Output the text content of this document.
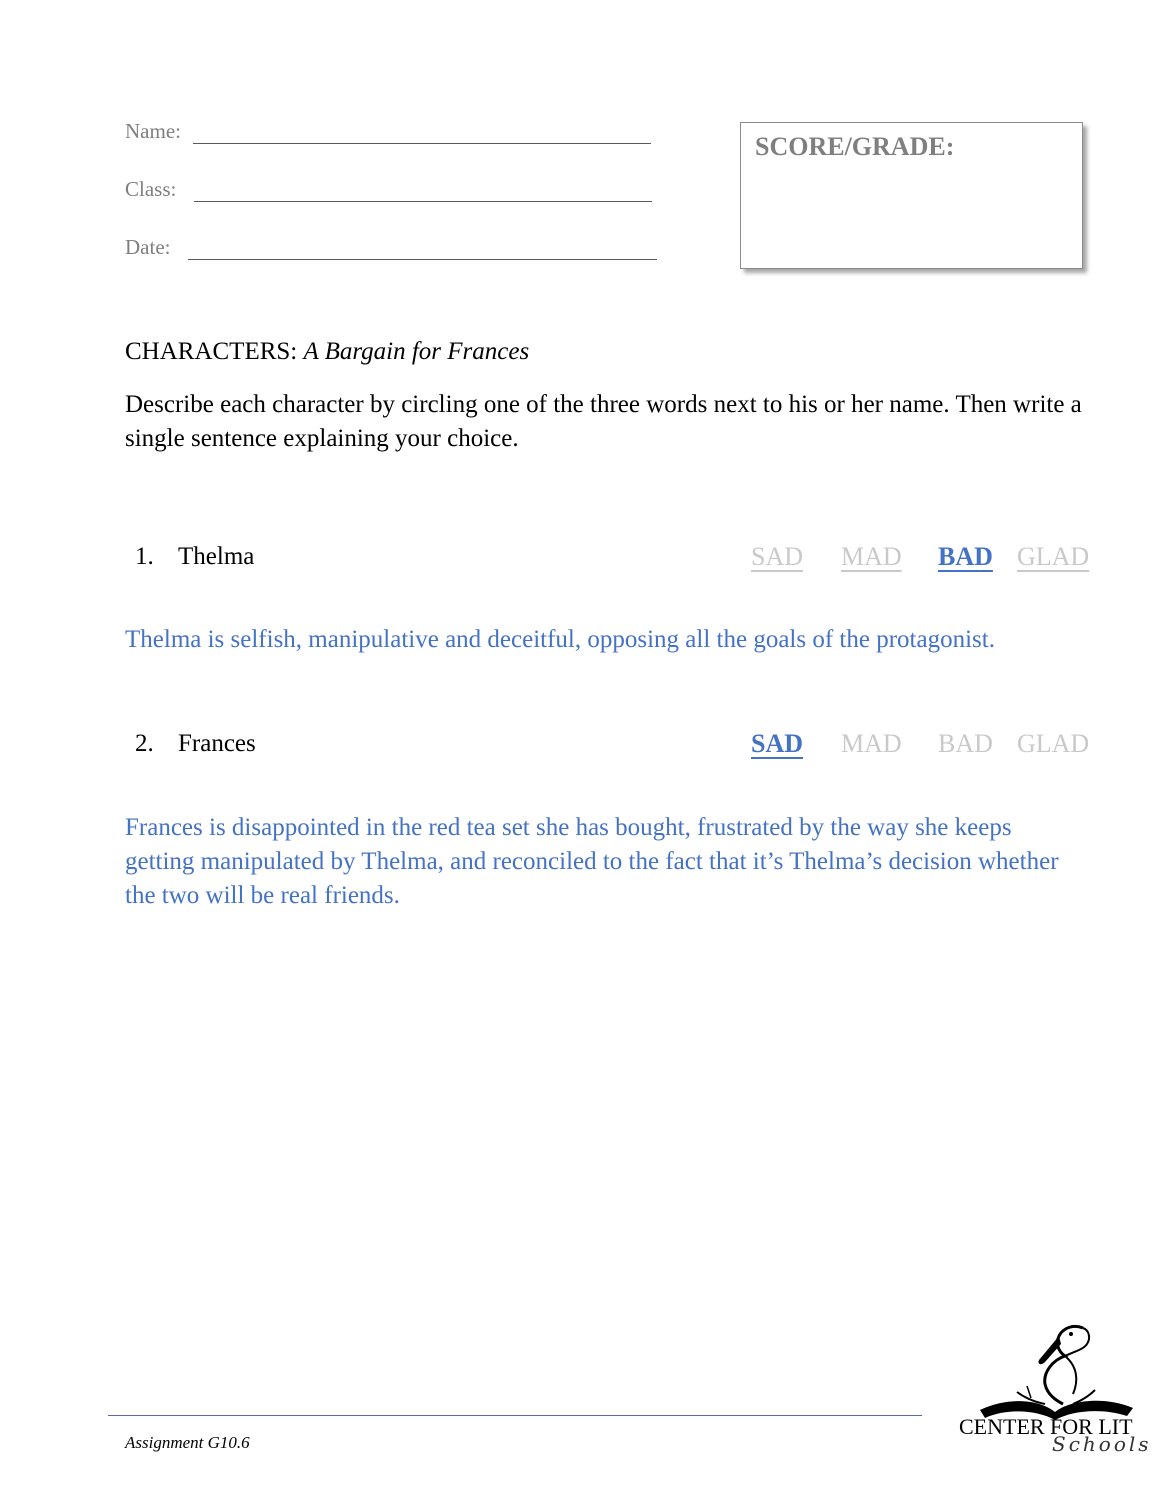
Name:
Class:
Date:
SCORE/GRADE:
CHARACTERS: A Bargain for Frances
Describe each character by circling one of the three words next to his or her name. Then write a single sentence explaining your choice.
1. Thelma	SAD MAD BAD GLAD
Thelma is selfish, manipulative and deceitful, opposing all the goals of the protagonist.
2. Frances	SAD MAD BAD GLAD
Frances is disappointed in the red tea set she has bought, frustrated by the way she keeps getting manipulated by Thelma, and reconciled to the fact that it’s Thelma’s decision whether the two will be real friends.
Assignment G10.6
CENTER FOR LIT
Schools
